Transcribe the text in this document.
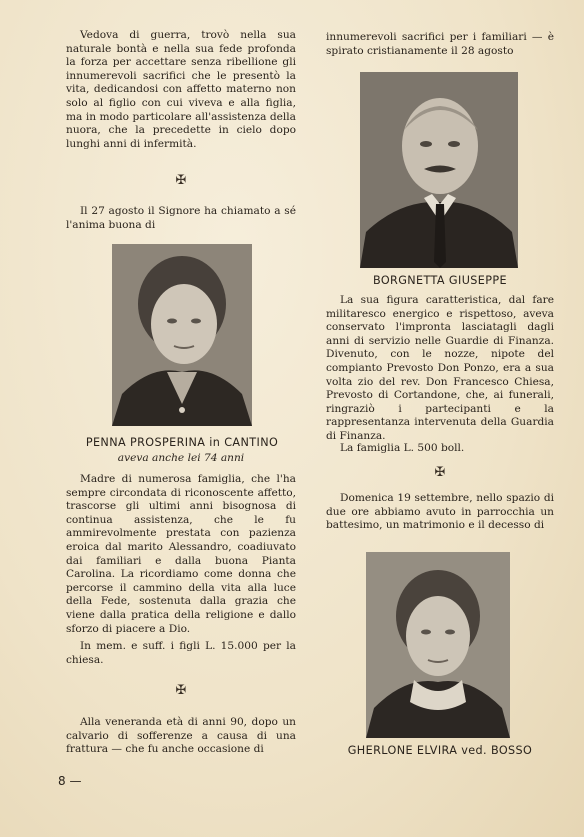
Vedova di guerra, trovò nella sua naturale bontà e nella sua fede profonda la forza per accettare senza ribellione gli innumerevoli sacrifici che le presentò la vita, dedicandosi con affetto materno non solo al figlio con cui viveva e alla figlia, ma in modo particolare all'assistenza della nuora, che la precedette in cielo dopo lunghi anni di infermità.

✠

Il 27 agosto il Signore ha chiamato a sé l'anima buona di

PENNA PROSPERINA in CANTINO
aveva anche lei 74 anni

Madre di numerosa famiglia, che l'ha sempre circondata di riconoscente affetto, trascorse gli ultimi anni bisognosa di continua assistenza, che le fu ammirevolmente prestata con pazienza eroica dal marito Alessandro, coadiuvato dai familiari e dalla buona Pianta Carolina. La ricordiamo come donna che percorse il cammino della vita alla luce della Fede, sostenuta dalla grazia che viene dalla pratica della religione e dallo sforzo di piacere a Dio.

In mem. e suff. i figli L. 15.000 per la chiesa.

✠

Alla veneranda età di anni 90, dopo un calvario di sofferenze a causa di una frattura — che fu anche occasione di

innumerevoli sacrifici per i familiari — è spirato cristianamente il 28 agosto

BORGNETTA GIUSEPPE

La sua figura caratteristica, dal fare militaresco energico e rispettoso, aveva conservato l'impronta lasciatagli dagli anni di servizio nelle Guardie di Finanza. Divenuto, con le nozze, nipote del compianto Prevosto Don Ponzo, era a sua volta zio del rev. Don Francesco Chiesa, Prevosto di Cortandone, che, ai funerali, ringraziò i partecipanti e la rappresentanza intervenuta della Guardia di Finanza.

La famiglia L. 500 boll.

✠

Domenica 19 settembre, nello spazio di due ore abbiamo avuto in parrocchia un battesimo, un matrimonio e il decesso di

GHERLONE ELVIRA ved. BOSSO
8 —
